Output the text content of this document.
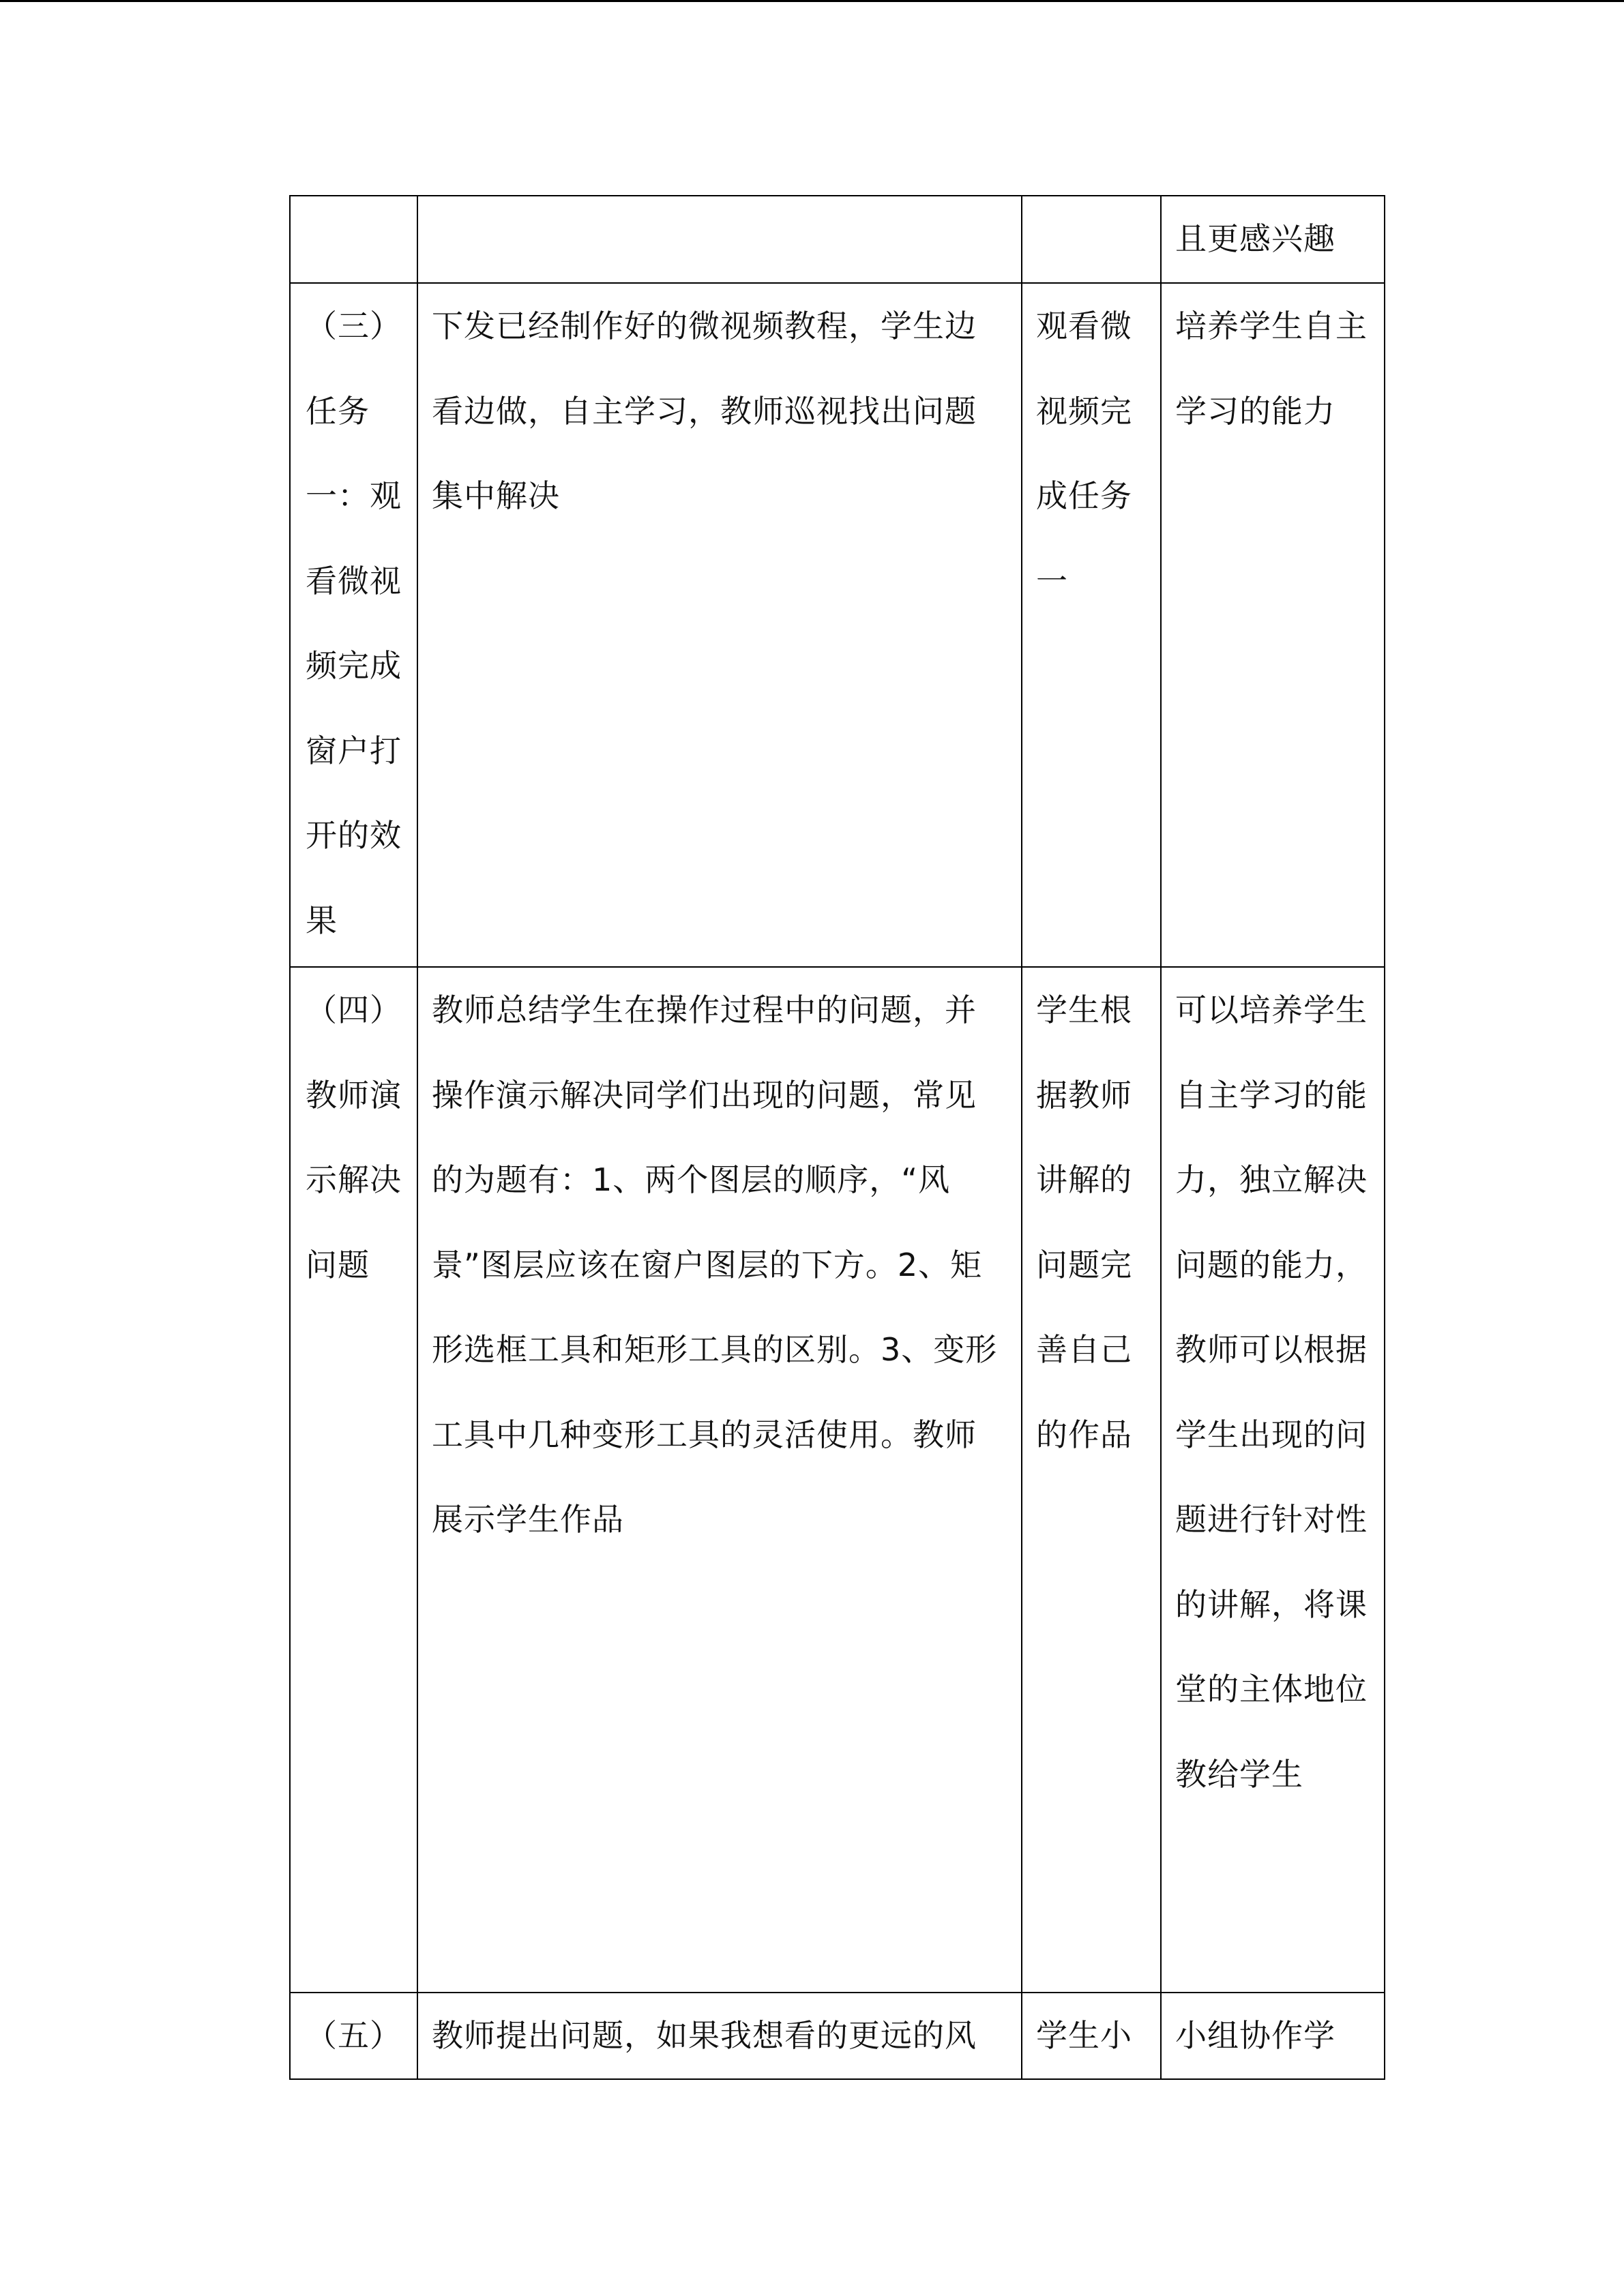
			且更感兴趣
（三）任务一：观看微视频完成窗户打开的效果	下发已经制作好的微视频教程，学生边看边做，自主学习，教师巡视找出问题集中解决	观看微视频完成任务一	培养学生自主学习的能力
（四）教师演示解决问题	教师总结学生在操作过程中的问题，并操作演示解决同学们出现的问题，常见的为题有：1、两个图层的顺序，“风景”图层应该在窗户图层的下方。2、矩形选框工具和矩形工具的区别。3、变形工具中几种变形工具的灵活使用。教师展示学生作品	学生根据教师讲解的问题完善自己的作品	可以培养学生自主学习的能力，独立解决问题的能力，教师可以根据学生出现的问题进行针对性的讲解，将课堂的主体地位教给学生
（五）	教师提出问题，如果我想看的更远的风	学生小	小组协作学
